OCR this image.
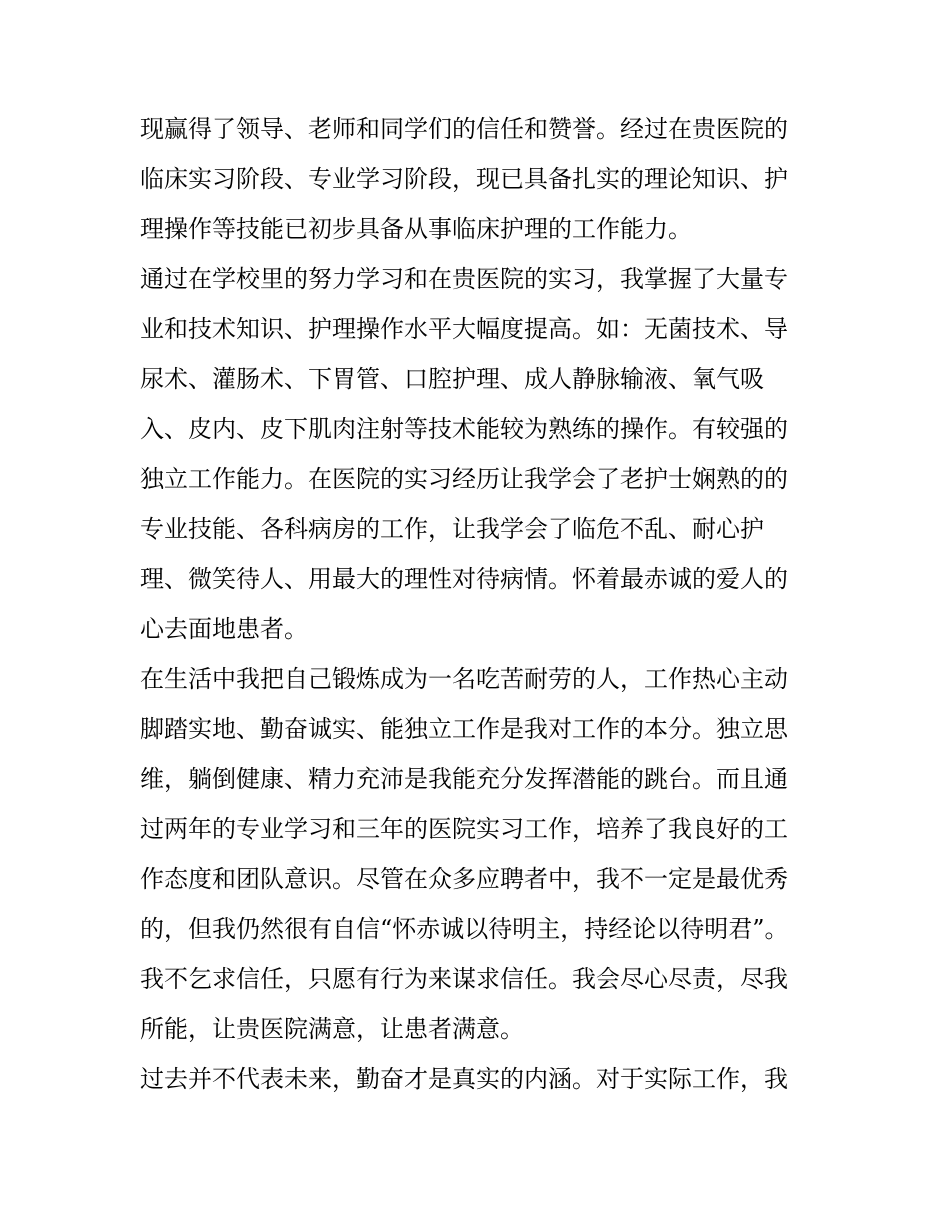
现赢得了领导、老师和同学们的信任和赞誉。经过在贵医院的
临床实习阶段、专业学习阶段，现已具备扎实的理论知识、护
理操作等技能已初步具备从事临床护理的工作能力。
通过在学校里的努力学习和在贵医院的实习，我掌握了大量专
业和技术知识、护理操作水平大幅度提高。如：无菌技术、导
尿术、灌肠术、下胃管、口腔护理、成人静脉输液、氧气吸
入、皮内、皮下肌肉注射等技术能较为熟练的操作。有较强的
独立工作能力。在医院的实习经历让我学会了老护士娴熟的的
专业技能、各科病房的工作，让我学会了临危不乱、耐心护
理、微笑待人、用最大的理性对待病情。怀着最赤诚的爱人的
心去面地患者。
在生活中我把自己锻炼成为一名吃苦耐劳的人，工作热心主动
脚踏实地、勤奋诚实、能独立工作是我对工作的本分。独立思
维，躺倒健康、精力充沛是我能充分发挥潜能的跳台。而且通
过两年的专业学习和三年的医院实习工作，培养了我良好的工
作态度和团队意识。尽管在众多应聘者中，我不一定是最优秀
的，但我仍然很有自信“怀赤诚以待明主，持经论以待明君”。
我不乞求信任，只愿有行为来谋求信任。我会尽心尽责，尽我
所能，让贵医院满意，让患者满意。
过去并不代表未来，勤奋才是真实的内涵。对于实际工作，我
